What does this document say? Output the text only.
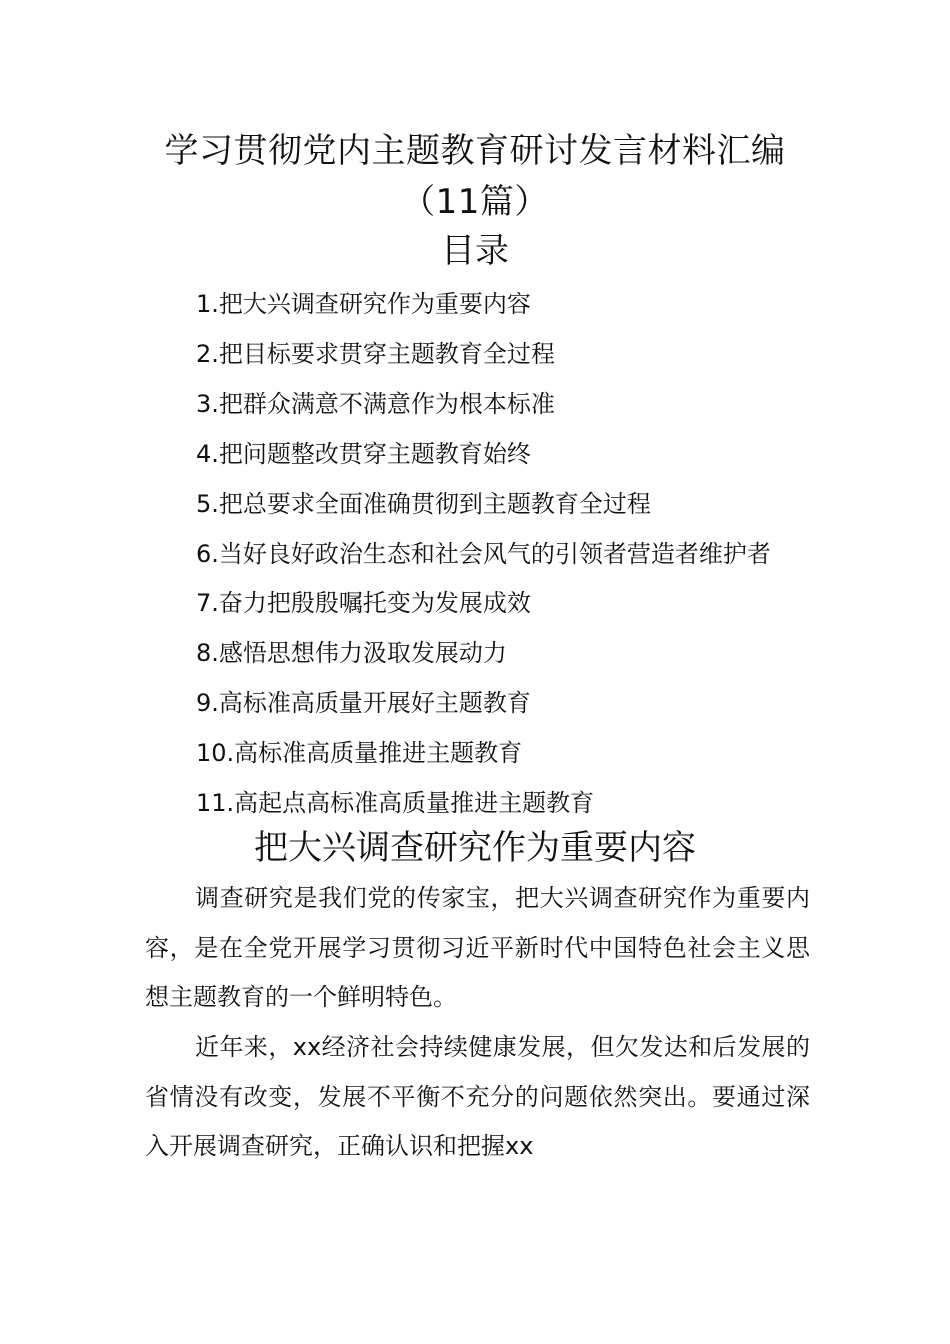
学习贯彻党内主题教育研讨发言材料汇编
（11篇）
目录
1.把大兴调查研究作为重要内容
2.把目标要求贯穿主题教育全过程
3.把群众满意不满意作为根本标准
4.把问题整改贯穿主题教育始终
5.把总要求全面准确贯彻到主题教育全过程
6.当好良好政治生态和社会风气的引领者营造者维护者
7.奋力把殷殷嘱托变为发展成效
8.感悟思想伟力汲取发展动力
9.高标准高质量开展好主题教育
10.高标准高质量推进主题教育
11.高起点高标准高质量推进主题教育
把大兴调查研究作为重要内容

调查研究是我们党的传家宝，把大兴调查研究作为重要内容，是在全党开展学习贯彻习近平新时代中国特色社会主义思想主题教育的一个鲜明特色。

近年来，xx经济社会持续健康发展，但欠发达和后发展的省情没有改变，发展不平衡不充分的问题依然突出。要通过深入开展调查研究，正确认识和把握xx
